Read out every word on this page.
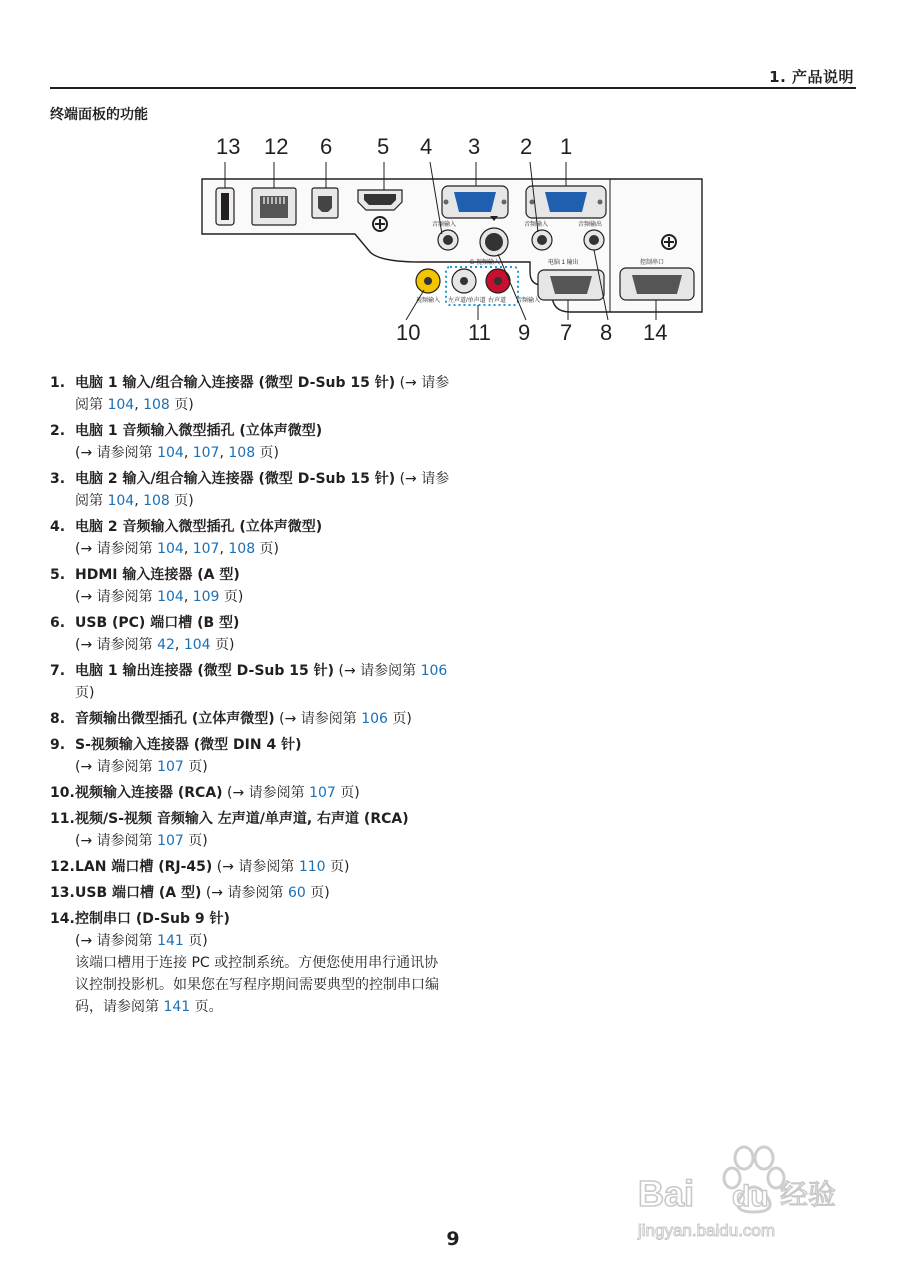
1. 产品说明
终端面板的功能
13 12 6 5 4 3 2 1
10 11 9 7 8 14
音频输入	音频输入	音频输出
S-视频输入	电脑 1 输出	控制串口
视频输入 左声道/单声道 右声道 音频输入
1. 电脑 1 输入/组合输入连接器 (微型 D-Sub 15 针) (→ 请参阅第 104, 108 页)
2. 电脑 1 音频输入微型插孔 (立体声微型)
(→ 请参阅第 104, 107, 108 页)
3. 电脑 2 输入/组合输入连接器 (微型 D-Sub 15 针) (→ 请参阅第 104, 108 页)
4. 电脑 2 音频输入微型插孔 (立体声微型)
(→ 请参阅第 104, 107, 108 页)
5. HDMI 输入连接器 (A 型)
(→ 请参阅第 104, 109 页)
6. USB (PC) 端口槽 (B 型)
(→ 请参阅第 42, 104 页)
7. 电脑 1 输出连接器 (微型 D-Sub 15 针) (→ 请参阅第 106 页)
8. 音频输出微型插孔 (立体声微型) (→ 请参阅第 106 页)
9. S-视频输入连接器 (微型 DIN 4 针)
(→ 请参阅第 107 页)
10. 视频输入连接器 (RCA) (→ 请参阅第 107 页)
11. 视频/S-视频 音频输入 左声道/单声道, 右声道 (RCA)
(→ 请参阅第 107 页)
12. LAN 端口槽 (RJ-45) (→ 请参阅第 110 页)
13. USB 端口槽 (A 型) (→ 请参阅第 60 页)
14. 控制串口 (D-Sub 9 针)
(→ 请参阅第 141 页)
该端口槽用于连接 PC 或控制系统。方便您使用串行通讯协议控制投影机。如果您在写程序期间需要典型的控制串口编码，请参阅第 141 页。
Bai du 经验
jingyan.baidu.com
9
